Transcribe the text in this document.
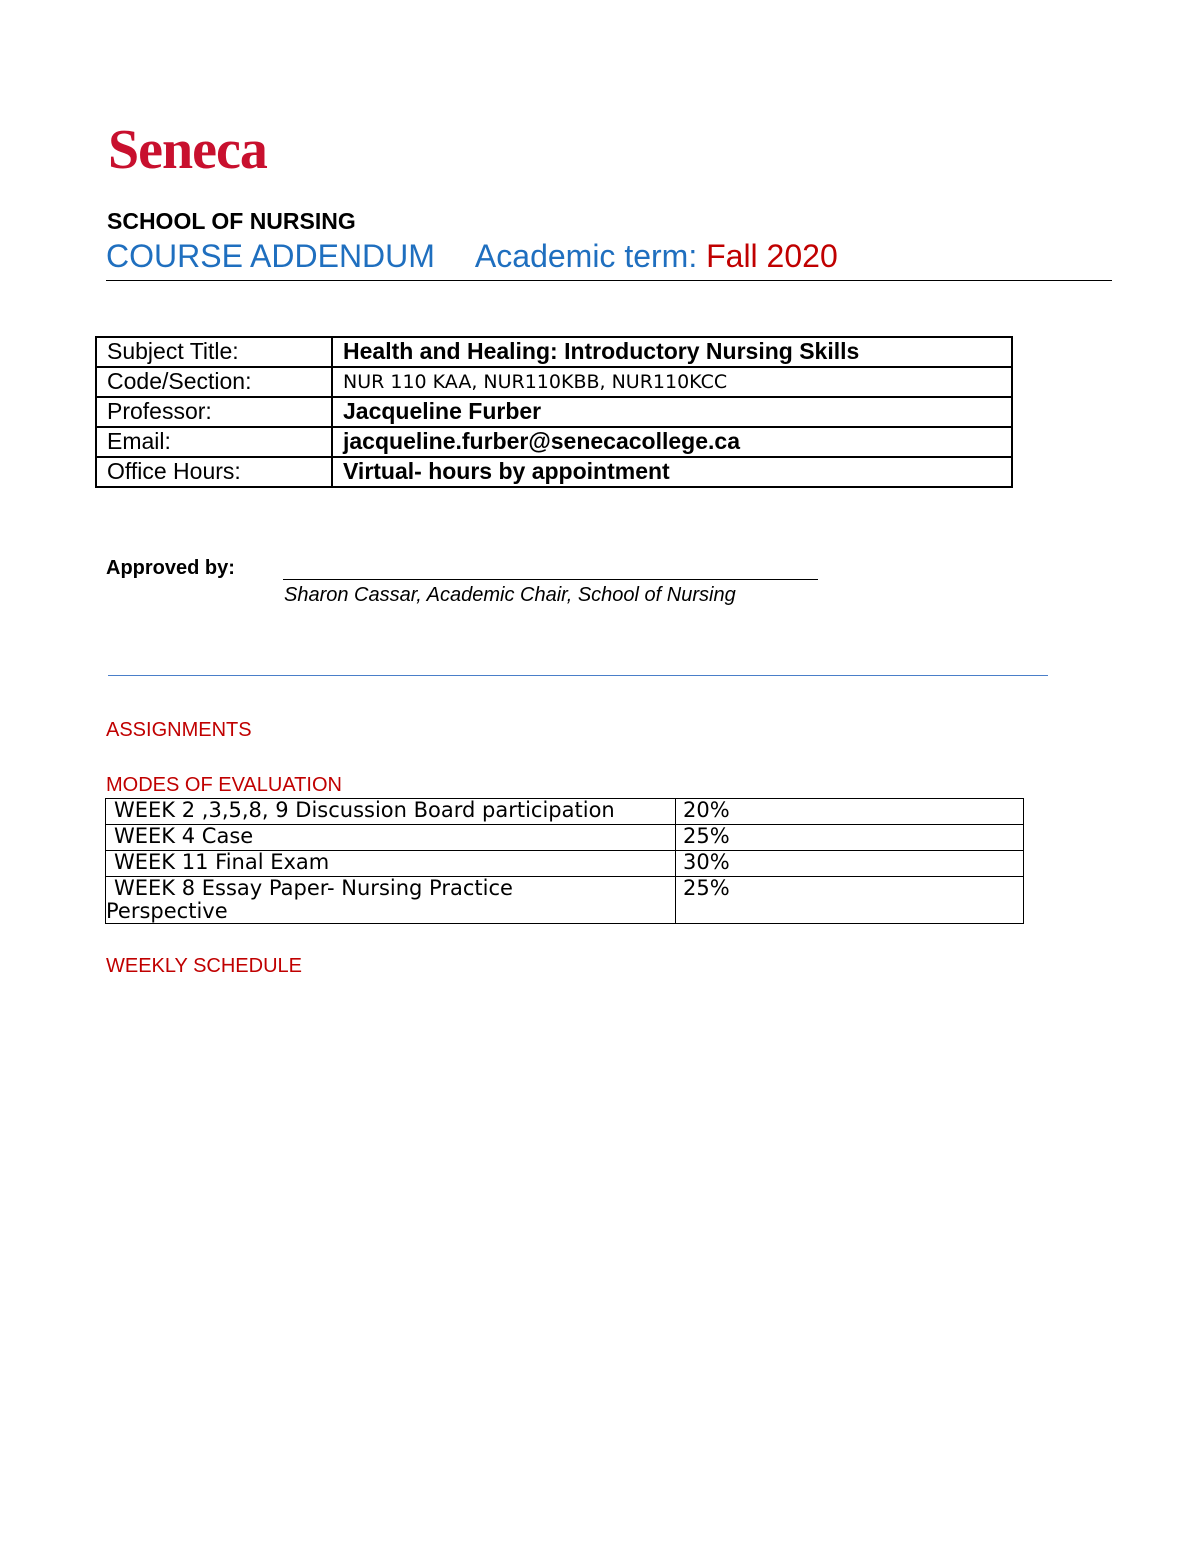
Seneca
SCHOOL OF NURSING
COURSE ADDENDUM Academic term: Fall 2020
Subject Title:	Health and Healing: Introductory Nursing Skills
Code/Section:	NUR 110 KAA, NUR110KBB, NUR110KCC
Professor:	Jacqueline Furber
Email:	jacqueline.furber@senecacollege.ca
Office Hours:	Virtual- hours by appointment
Approved by:
Sharon Cassar, Academic Chair, School of Nursing
ASSIGNMENTS
MODES OF EVALUATION
WEEK 2 ,3,5,8, 9 Discussion Board participation	20%
WEEK 4 Case	25%
WEEK 11 Final Exam	30%
WEEK 8 Essay Paper- Nursing Practice
Perspective	25%
WEEKLY SCHEDULE
